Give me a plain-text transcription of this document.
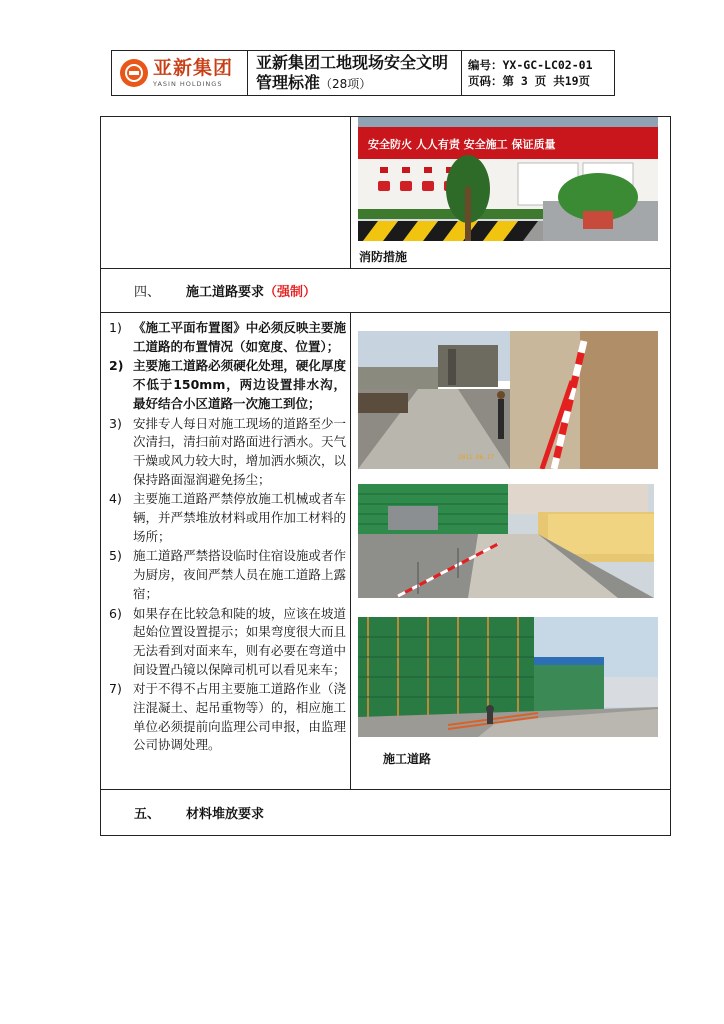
亚新集团
YASIN HOLDINGS
亚新集团工地现场安全文明管理标准（28项）
编号：YX-GC-LC02-01
页码：第 3 页 共19页
安全防火 人人有责 安全施工 保证质量
消防措施
四、 施工道路要求（强制）
1) 《施工平面布置图》中必须反映主要施工道路的布置情况（如宽度、位置）；
2) 主要施工道路必须硬化处理，硬化厚度不低于150mm，两边设置排水沟，最好结合小区道路一次施工到位；
3) 安排专人每日对施工现场的道路至少一次清扫，清扫前对路面进行洒水。天气干燥或风力较大时，增加洒水频次，以保持路面湿润避免扬尘；
4) 主要施工道路严禁停放施工机械或者车辆，并严禁堆放材料或用作加工材料的场所；
5) 施工道路严禁搭设临时住宿设施或者作为厨房，夜间严禁人员在施工道路上露宿；
6) 如果存在比较急和陡的坡，应该在坡道起始位置设置提示；如果弯度很大而且无法看到对面来车，则有必要在弯道中间设置凸镜以保障司机可以看见来车；
7) 对于不得不占用主要施工道路作业（浇注混凝土、起吊重物等）的，相应施工单位必须提前向监理公司申报，由监理公司协调处理。
2011.06.17
施工道路
五、 材料堆放要求
